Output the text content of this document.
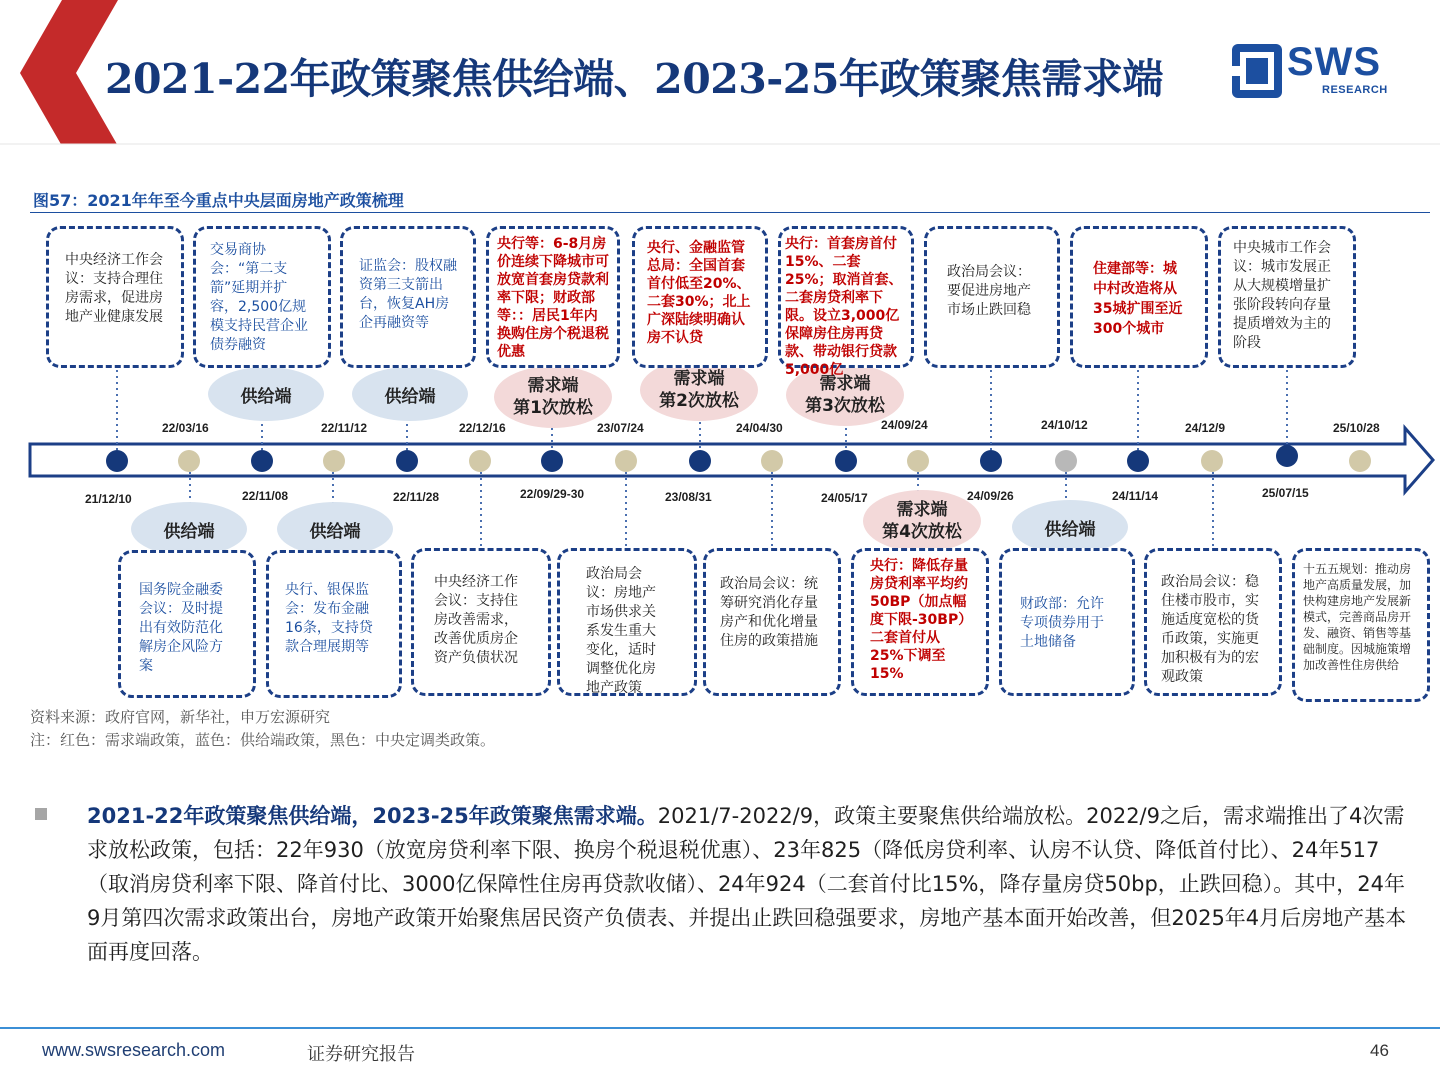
2021-22年政策聚焦供给端、2023-25年政策聚焦需求端	SWS
RESEARCH
图57：2021年年至今重点中央层面房地产政策梳理
22/03/16	22/11/12	22/12/16	23/07/24	24/04/30	24/09/24	24/10/12	24/12/9	25/10/28
21/12/10	22/11/08	22/11/28	22/09/29-30	23/08/31	24/05/17	24/09/26	24/11/14	25/07/15
供给端	供给端
需求端
第1次放松
需求端
第2次放松
需求端
第3次放松
供给端	供给端
需求端
第4次放松	供给端
中央经济工作会议：支持合理住房需求，促进房地产业健康发展
交易商协会：“第二支箭”延期并扩容，2,500亿规模支持民营企业债券融资
证监会：股权融资第三支箭出台，恢复AH房企再融资等
央行等：6-8月房价连续下降城市可放宽首套房贷款利率下限；财政部等：：居民1年内换购住房个税退税优惠
央行、金融监管总局：全国首套首付低至20%、二套30%；北上广深陆续明确认房不认贷
央行：首套房首付15%、二套25%；取消首套、二套房贷利率下限。设立3,000亿保障房住房再贷款、带动银行贷款5,000亿
政治局会议：要促进房地产市场止跌回稳
住建部等：城中村改造将从35城扩围至近300个城市
中央城市工作会议：城市发展正从大规模增量扩张阶段转向存量提质增效为主的阶段
国务院金融委会议：及时提出有效防范化解房企风险方案
央行、银保监会：发布金融16条，支持贷款合理展期等
中央经济工作会议：支持住房改善需求，改善优质房企资产负债状况
政治局会议：房地产市场供求关系发生重大变化，适时调整优化房地产政策
政治局会议：统筹研究消化存量房产和优化增量住房的政策措施
央行：降低存量房贷利率平均约50BP（加点幅度下限-30BP）二套首付从25%下调至15%
财政部：允许专项债券用于土地储备
政治局会议：稳住楼市股市，实施适度宽松的货币政策，实施更加积极有为的宏观政策
十五五规划：推动房地产高质量发展，加快构建房地产发展新模式，完善商品房开发、融资、销售等基础制度。因城施策增加改善性住房供给
资料来源：政府官网，新华社，申万宏源研究
注：红色：需求端政策，蓝色：供给端政策，黑色：中央定调类政策。
2021-22年政策聚焦供给端，2023-25年政策聚焦需求端。2021/7-2022/9，政策主要聚焦供给端放松。2022/9之后，需求端推出了4次需求放松政策，包括：22年930（放宽房贷利率下限、换房个税退税优惠）、23年825（降低房贷利率、认房不认贷、降低首付比）、24年517（取消房贷利率下限、降首付比、3000亿保障性住房再贷款收储）、24年924（二套首付比15%，降存量房贷50bp，止跌回稳）。其中，24年9月第四次需求政策出台，房地产政策开始聚焦居民资产负债表、并提出止跌回稳强要求，房地产基本面开始改善，但2025年4月后房地产基本面再度回落。
www.swsresearch.com	证券研究报告	46
